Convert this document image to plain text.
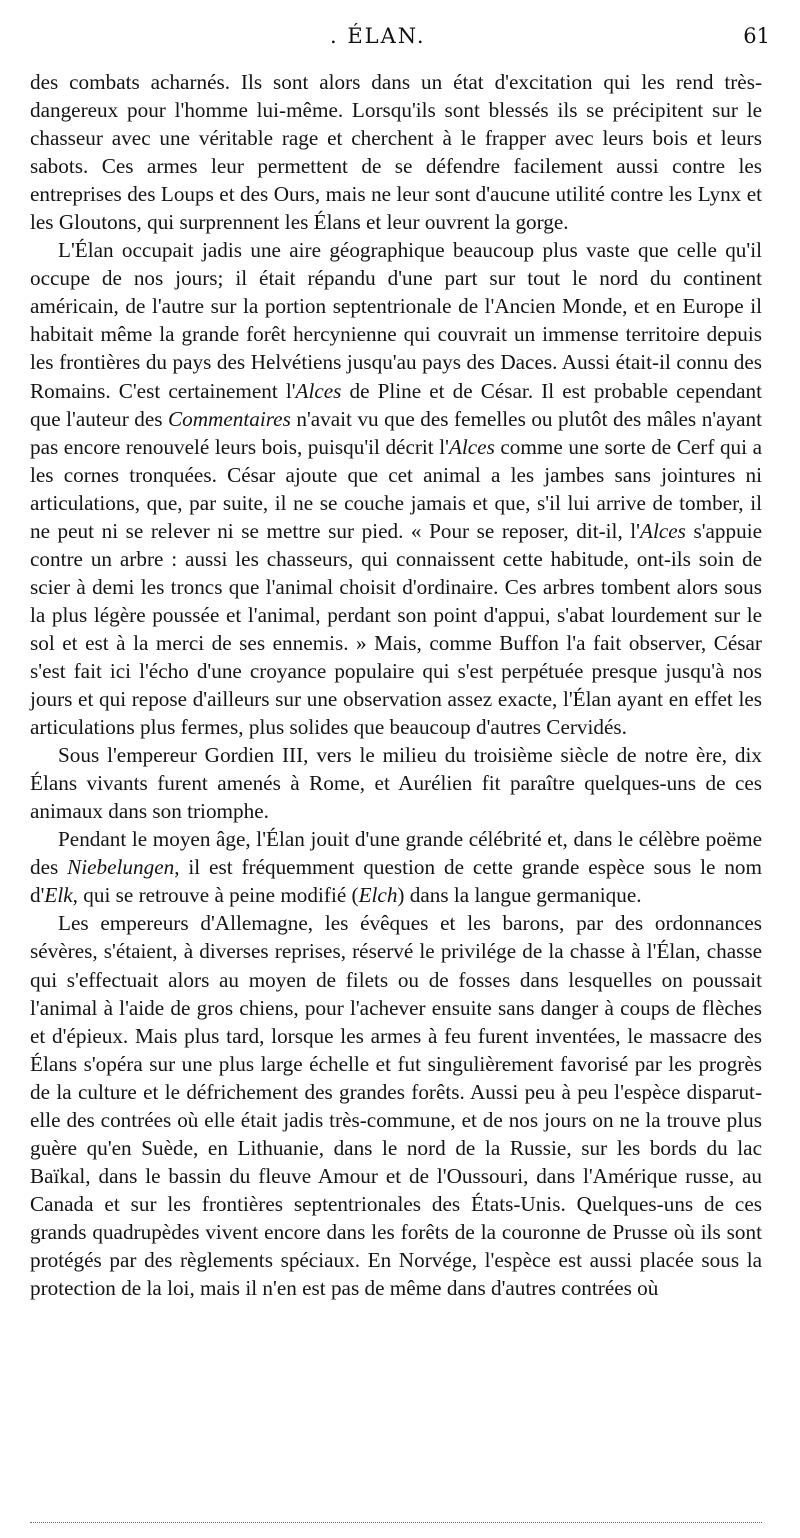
. ÉLAN.	61

des combats acharnés. Ils sont alors dans un état d'excitation qui les rend très-dangereux pour l'homme lui-même. Lorsqu'ils sont blessés ils se précipitent sur le chasseur avec une véritable rage et cherchent à le frapper avec leurs bois et leurs sabots. Ces armes leur permettent de se défendre facilement aussi contre les entreprises des Loups et des Ours, mais ne leur sont d'aucune utilité contre les Lynx et les Gloutons, qui surprennent les Élans et leur ouvrent la gorge.

L'Élan occupait jadis une aire géographique beaucoup plus vaste que celle qu'il occupe de nos jours; il était répandu d'une part sur tout le nord du continent américain, de l'autre sur la portion septentrionale de l'Ancien Monde, et en Europe il habitait même la grande forêt hercynienne qui couvrait un immense territoire depuis les frontières du pays des Helvétiens jusqu'au pays des Daces. Aussi était-il connu des Romains. C'est certainement l'Alces de Pline et de César. Il est probable cependant que l'auteur des Commentaires n'avait vu que des femelles ou plutôt des mâles n'ayant pas encore renouvelé leurs bois, puisqu'il décrit l'Alces comme une sorte de Cerf qui a les cornes tronquées. César ajoute que cet animal a les jambes sans jointures ni articulations, que, par suite, il ne se couche jamais et que, s'il lui arrive de tomber, il ne peut ni se relever ni se mettre sur pied. « Pour se reposer, dit-il, l'Alces s'appuie contre un arbre : aussi les chasseurs, qui connaissent cette habitude, ont-ils soin de scier à demi les troncs que l'animal choisit d'ordinaire. Ces arbres tombent alors sous la plus légère poussée et l'animal, perdant son point d'appui, s'abat lourdement sur le sol et est à la merci de ses ennemis. » Mais, comme Buffon l'a fait observer, César s'est fait ici l'écho d'une croyance populaire qui s'est perpétuée presque jusqu'à nos jours et qui repose d'ailleurs sur une observation assez exacte, l'Élan ayant en effet les articulations plus fermes, plus solides que beaucoup d'autres Cervidés.

Sous l'empereur Gordien III, vers le milieu du troisième siècle de notre ère, dix Élans vivants furent amenés à Rome, et Aurélien fit paraître quelques-uns de ces animaux dans son triomphe.

Pendant le moyen âge, l'Élan jouit d'une grande célébrité et, dans le célèbre poëme des Niebelungen, il est fréquemment question de cette grande espèce sous le nom d'Elk, qui se retrouve à peine modifié (Elch) dans la langue germanique.

Les empereurs d'Allemagne, les évêques et les barons, par des ordonnances sévères, s'étaient, à diverses reprises, réservé le privilége de la chasse à l'Élan, chasse qui s'effectuait alors au moyen de filets ou de fosses dans lesquelles on poussait l'animal à l'aide de gros chiens, pour l'achever ensuite sans danger à coups de flèches et d'épieux. Mais plus tard, lorsque les armes à feu furent inventées, le massacre des Élans s'opéra sur une plus large échelle et fut singulièrement favorisé par les progrès de la culture et le défrichement des grandes forêts. Aussi peu à peu l'espèce disparut-elle des contrées où elle était jadis très-commune, et de nos jours on ne la trouve plus guère qu'en Suède, en Lithuanie, dans le nord de la Russie, sur les bords du lac Baïkal, dans le bassin du fleuve Amour et de l'Oussouri, dans l'Amérique russe, au Canada et sur les frontières septentrionales des États-Unis. Quelques-uns de ces grands quadrupèdes vivent encore dans les forêts de la couronne de Prusse où ils sont protégés par des règlements spéciaux. En Norvége, l'espèce est aussi placée sous la protection de la loi, mais il n'en est pas de même dans d'autres contrées où
